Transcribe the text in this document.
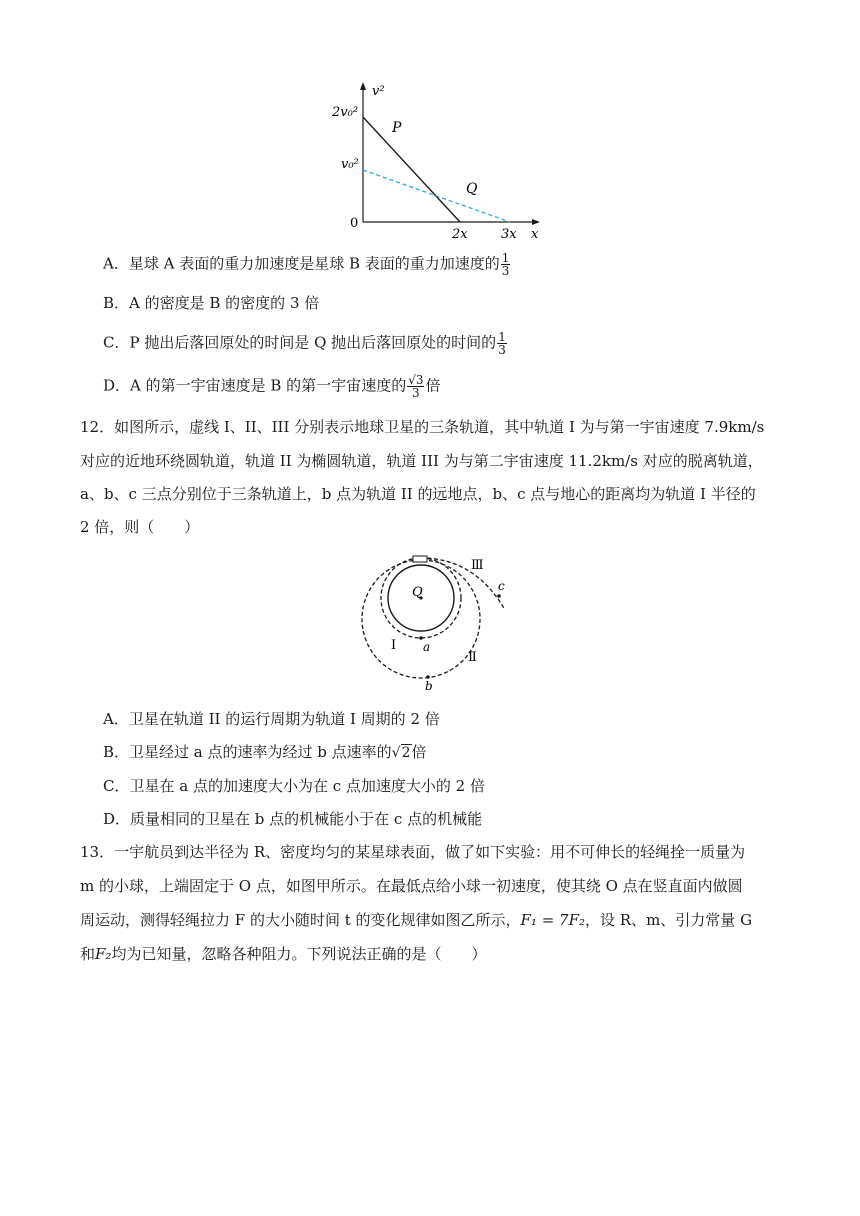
v²
2v₀²
v₀²
0
2x	3x x
P
Q
A．星球 A 表面的重力加速度是星球 B 表面的重力加速度的 $\frac{1}{3}$
B．A 的密度是 B 的密度的 3 倍
C．P 抛出后落回原处的时间是 Q 抛出后落回原处的时间的 $\frac{1}{3}$
D．A 的第一宇宙速度是 B 的第一宇宙速度的 $\frac{√3}{3}$ 倍
12．如图所示，虚线 I、II、III 分别表示地球卫星的三条轨道，其中轨道 I 为与第一宇宙速度 7.9km/s
对应的近地环绕圆轨道，轨道 II 为椭圆轨道，轨道 III 为与第二宇宙速度 11.2km/s 对应的脱离轨道，
a、b、c 三点分别位于三条轨道上，b 点为轨道 II 的远地点，b、c 点与地心的距离均为轨道 I 半径的
2 倍，则（　　）
Q
Ⅰ a
Ⅱ
b
Ⅲ
c
A．卫星在轨道 II 的运行周期为轨道 I 周期的 2 倍
B．卫星经过 a 点的速率为经过 b 点速率的√2倍
C．卫星在 a 点的加速度大小为在 c 点加速度大小的 2 倍
D．质量相同的卫星在 b 点的机械能小于在 c 点的机械能
13．一宇航员到达半径为 R、密度均匀的某星球表面，做了如下实验：用不可伸长的轻绳拴一质量为
m 的小球，上端固定于 O 点，如图甲所示。在最低点给小球一初速度，使其绕 O 点在竖直面内做圆
周运动，测得轻绳拉力 F 的大小随时间 t 的变化规律如图乙所示，F₁ = 7F₂，设 R、m、引力常量 G
和F₂均为已知量，忽略各种阻力。下列说法正确的是（　　）
